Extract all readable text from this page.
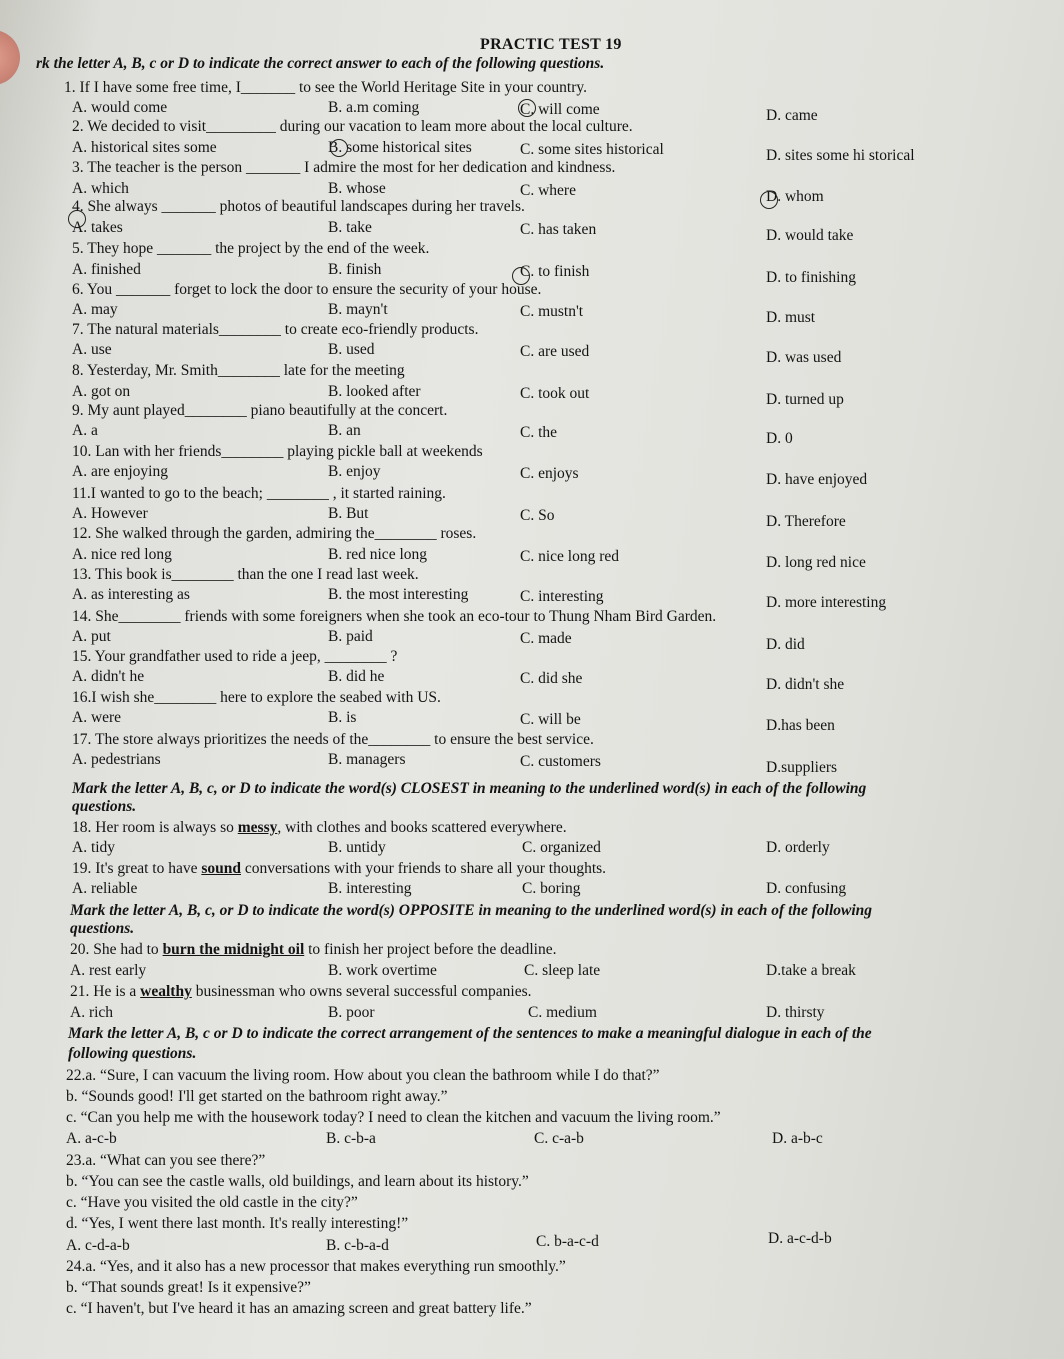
PRACTIC TEST 19
rk the letter A, B, c or D to indicate the correct answer to each of the following questions.
1. If I have some free time, I_______ to see the World Heritage Site in your country.
A. would come	B. a.m coming	C. will come	D. came
2. We decided to visit_________ during our vacation to leam more about the local culture.
A. historical sites some	B. some historical sites	C. some sites historical	D. sites some hi storical
3. The teacher is the person _______ I admire the most for her dedication and kindness.
A. which	B. whose	C. where	D. whom
4. She always _______ photos of beautiful landscapes during her travels.
A. takes	B. take	C. has taken	D. would take
5. They hope _______ the project by the end of the week.
A. finished	B. finish	C. to finish	D. to finishing
6. You _______ forget to lock the door to ensure the security of your house.
A. may	B. mayn't	C. mustn't	D. must
7. The natural materials________ to create eco-friendly products.
A. use	B. used	C. are used	D. was used
8. Yesterday, Mr. Smith________ late for the meeting
A. got on	B. looked after	C. took out	D. turned up
9. My aunt played________ piano beautifully at the concert.
A. a	B. an	C. the	D. 0
10. Lan with her friends________ playing pickle ball at weekends
A. are enjoying	B. enjoy	C. enjoys	D. have enjoyed
11.I wanted to go to the beach; ________ , it started raining.
A. However	B. But	C. So	D. Therefore
12. She walked through the garden, admiring the________ roses.
A. nice red long	B. red nice long	C. nice long red	D. long red nice
13. This book is________ than the one I read last week.
A. as interesting as	B. the most interesting	C. interesting	D. more interesting
14. She________ friends with some foreigners when she took an eco-tour to Thung Nham Bird Garden.
A. put	B. paid	C. made	D. did
15. Your grandfather used to ride a jeep, ________ ?
A. didn't he	B. did he	C. did she	D. didn't she
16.I wish she________ here to explore the seabed with US.
A. were	B. is	C. will be	D.has been
17. The store always prioritizes the needs of the________ to ensure the best service.
A. pedestrians	B. managers	C. customers	D.suppliers
Mark the letter A, B, c, or D to indicate the word(s) CLOSEST in meaning to the underlined word(s) in each of the following
questions.
18. Her room is always so messy, with clothes and books scattered everywhere.
A. tidy	B. untidy	C. organized	D. orderly
19. It's great to have sound conversations with your friends to share all your thoughts.
A. reliable	B. interesting	C. boring	D. confusing
Mark the letter A, B, c, or D to indicate the word(s) OPPOSITE in meaning to the underlined word(s) in each of the following
questions.
20. She had to burn the midnight oil to finish her project before the deadline.
A. rest early	B. work overtime	C. sleep late	D.take a break
21. He is a wealthy businessman who owns several successful companies.
A. rich	B. poor	C. medium	D. thirsty
Mark the letter A, B, c or D to indicate the correct arrangement of the sentences to make a meaningful dialogue in each of the
following questions.
22.a. “Sure, I can vacuum the living room. How about you clean the bathroom while I do that?”
b. “Sounds good! I'll get started on the bathroom right away.”
c. “Can you help me with the housework today? I need to clean the kitchen and vacuum the living room.”
A. a-c-b	B. c-b-a	C. c-a-b	D. a-b-c
23.a. “What can you see there?”
b. “You can see the castle walls, old buildings, and learn about its history.”
c. “Have you visited the old castle in the city?”
d. “Yes, I went there last month. It's really interesting!”
A. c-d-a-b	B. c-b-a-d	C. b-a-c-d	D. a-c-d-b
24.a. “Yes, and it also has a new processor that makes everything run smoothly.”
b. “That sounds great! Is it expensive?”
c. “I haven't, but I've heard it has an amazing screen and great battery life.”
